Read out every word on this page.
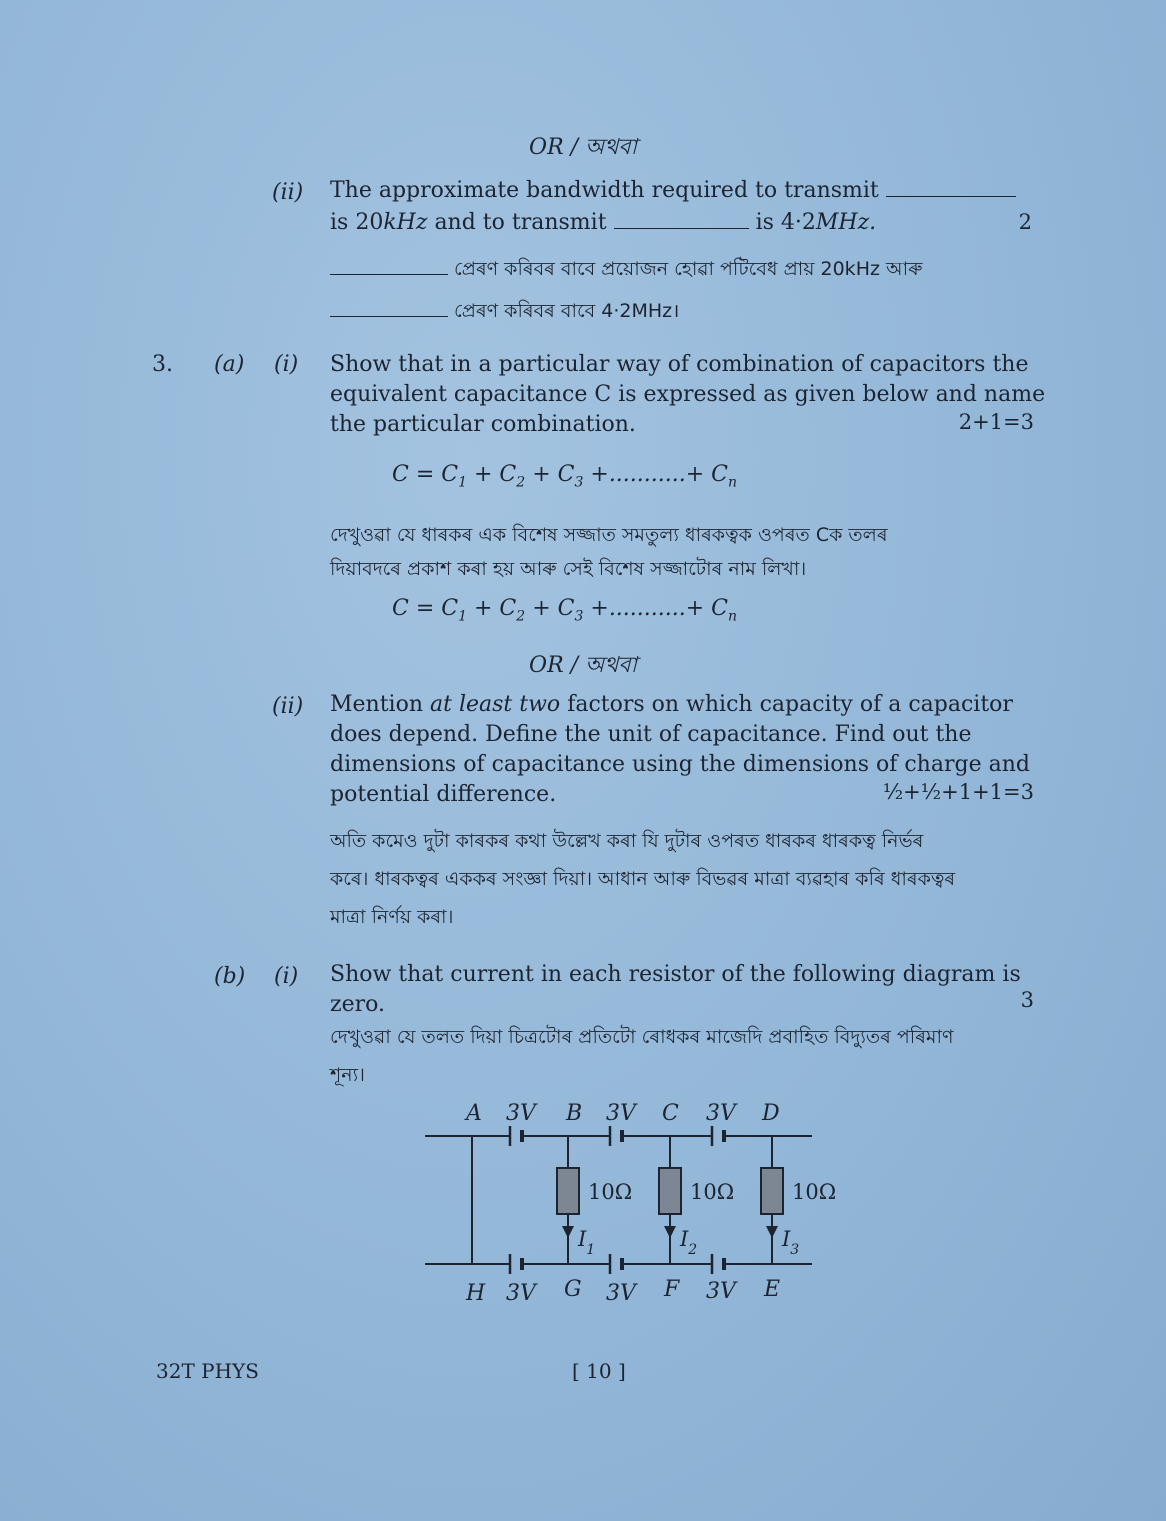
OR / অথবা
(ii) The approximate bandwidth required to transmit
is 20kHz and to transmit	is 4·2MHz.	2
প্ৰেৰণ কৰিবৰ বাবে প্ৰয়োজন হোৱা পটিবেধ প্ৰায় 20kHz আৰু
প্ৰেৰণ কৰিবৰ বাবে 4·2MHz।
3. (a) (i) Show that in a particular way of combination of capacitors the
equivalent capacitance C is expressed as given below and name
the particular combination.	2+1=3
$C = C_1 + C_2 + C_3$ +...........+ $C_n$
দেখুওৱা যে ধাৰকৰ এক বিশেষ সজ্জাত সমতুল্য ধাৰকত্বক ওপৰত Cক তলৰ
দিয়াবদৰে প্ৰকাশ কৰা হয় আৰু সেই বিশেষ সজ্জাটোৰ নাম লিখা।
$C = C_1 + C_2 + C_3$ +...........+ $C_n$
OR / অথবা
(ii) Mention at least two factors on which capacity of a capacitor
does depend. Define the unit of capacitance. Find out the
dimensions of capacitance using the dimensions of charge and
potential difference.	½+½+1+1=3
অতি কমেও দুটা কাৰকৰ কথা উল্লেখ কৰা যি দুটাৰ ওপৰত ধাৰকৰ ধাৰকত্ব নিৰ্ভৰ
কৰে। ধাৰকত্বৰ এককৰ সংজ্ঞা দিয়া। আধান আৰু বিভৱৰ মাত্ৰা ব্যৱহাৰ কৰি ধাৰকত্বৰ
মাত্ৰা নিৰ্ণয় কৰা।
(b) (i) Show that current in each resistor of the following diagram is
zero.	3
দেখুওৱা যে তলত দিয়া চিত্ৰটোৰ প্ৰতিটো ৰোধকৰ মাজেদি প্ৰবাহিত বিদ্যুতৰ পৰিমাণ
শূন্য।
A 3V B 3V C 3V D
10Ω	10Ω	10Ω
$I_1$	$I_2$	$I_3$
H 3V G 3V F 3V E
32T PHYS	[ 10 ]
